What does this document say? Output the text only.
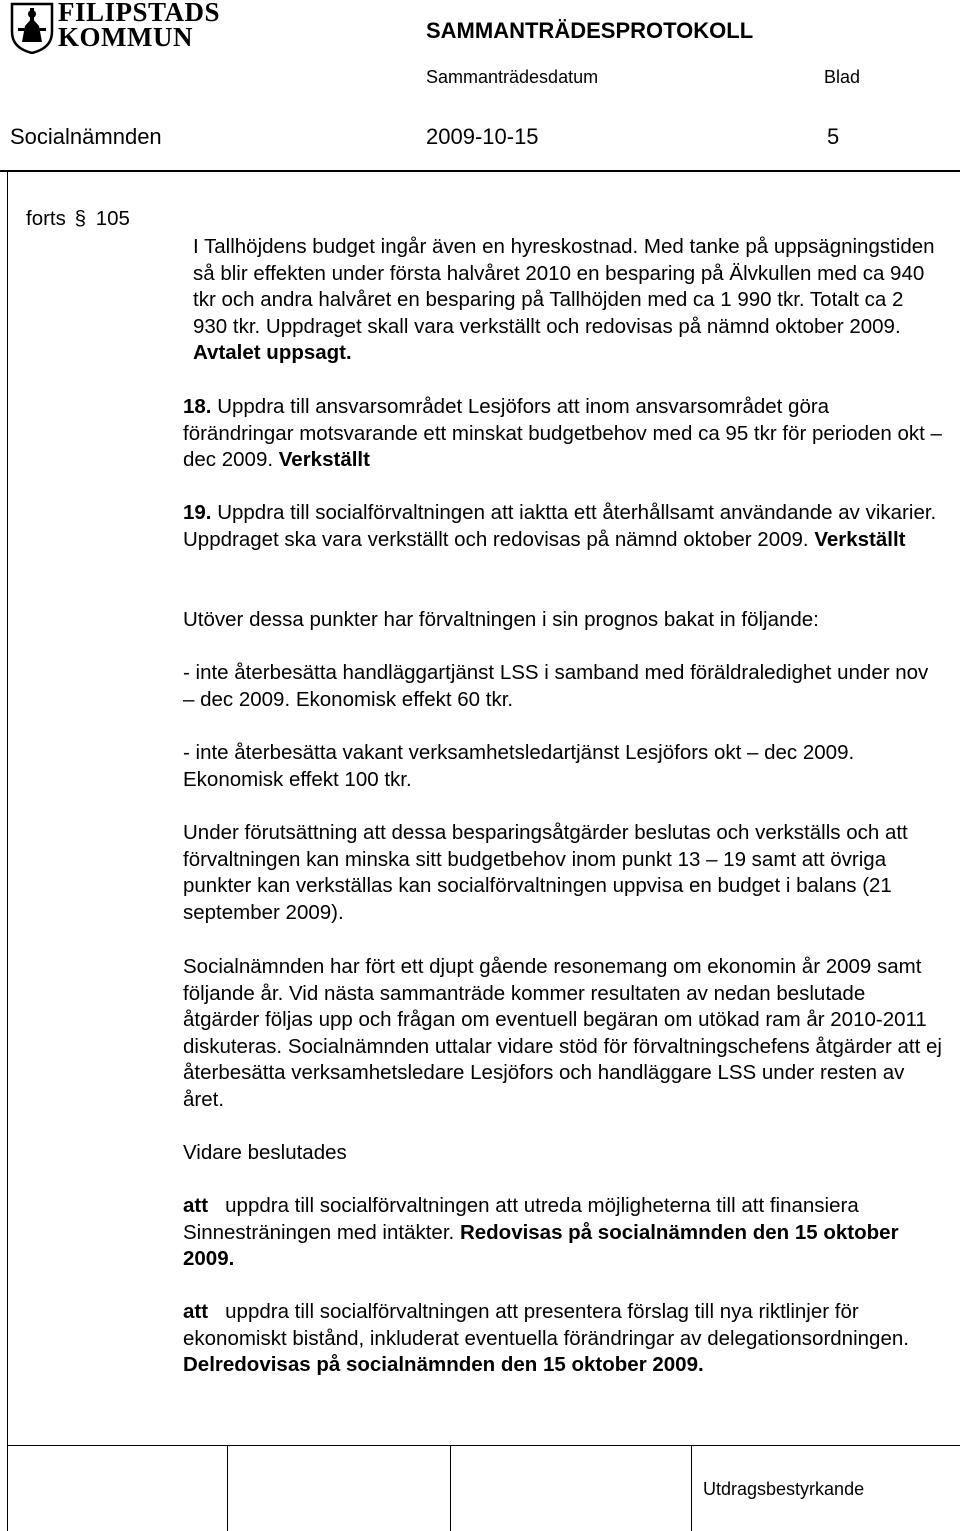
FILIPSTADS
KOMMUN	SAMMANTRÄDESPROTOKOLL
Sammanträdesdatum	Blad
Socialnämnden	2009-10-15	5
forts § 105
I Tallhöjdens budget ingår även en hyreskostnad. Med tanke på uppsägningstiden så blir effekten under första halvåret 2010 en besparing på Älvkullen med ca 940 tkr och andra halvåret en besparing på Tallhöjden med ca 1 990 tkr. Totalt ca 2 930 tkr. Uppdraget skall vara verkställt och redovisas på nämnd oktober 2009. Avtalet uppsagt.
18. Uppdra till ansvarsområdet Lesjöfors att inom ansvarsområdet göra förändringar motsvarande ett minskat budgetbehov med ca 95 tkr för perioden okt – dec 2009. Verkställt
19. Uppdra till socialförvaltningen att iaktta ett återhållsamt användande av vikarier. Uppdraget ska vara verkställt och redovisas på nämnd oktober 2009. Verkställt
Utöver dessa punkter har förvaltningen i sin prognos bakat in följande:
- inte återbesätta handläggartjänst LSS i samband med föräldraledighet under nov – dec 2009. Ekonomisk effekt 60 tkr.
- inte återbesätta vakant verksamhetsledartjänst Lesjöfors okt – dec 2009. Ekonomisk effekt 100 tkr.
Under förutsättning att dessa besparingsåtgärder beslutas och verkställs och att förvaltningen kan minska sitt budgetbehov inom punkt 13 – 19 samt att övriga punkter kan verkställas kan socialförvaltningen uppvisa en budget i balans (21 september 2009).
Socialnämnden har fört ett djupt gående resonemang om ekonomin år 2009 samt följande år. Vid nästa sammanträde kommer resultaten av nedan beslutade åtgärder följas upp och frågan om eventuell begäran om utökad ram år 2010-2011 diskuteras. Socialnämnden uttalar vidare stöd för förvaltningschefens åtgärder att ej återbesätta verksamhetsledare Lesjöfors och handläggare LSS under resten av året.
Vidare beslutades
att uppdra till socialförvaltningen att utreda möjligheterna till att finansiera Sinnesträningen med intäkter. Redovisas på socialnämnden den 15 oktober 2009.
att uppdra till socialförvaltningen att presentera förslag till nya riktlinjer för ekonomiskt bistånd, inkluderat eventuella förändringar av delegationsordningen. Delredovisas på socialnämnden den 15 oktober 2009.
Utdragsbestyrkande
